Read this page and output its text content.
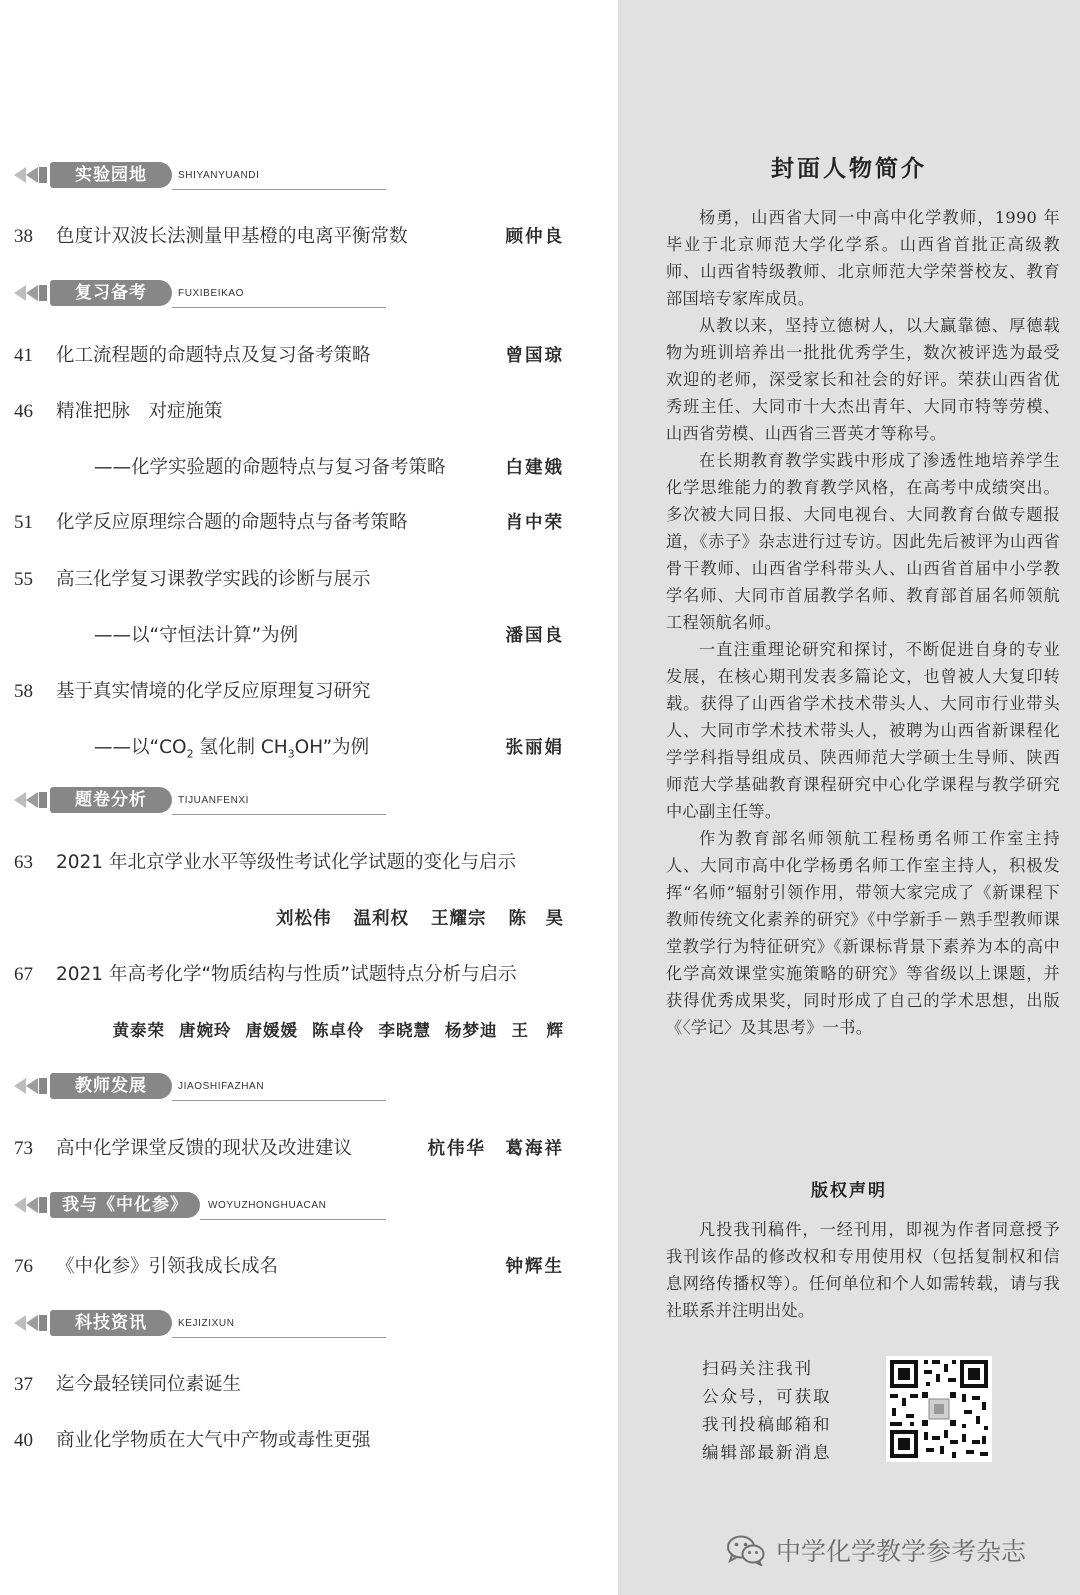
实验园地	SHIYANYUANDI
38 色度计双波长法测量甲基橙的电离平衡常数	顾仲良
复习备考	FUXIBEIKAO
41 化工流程题的命题特点及复习备考策略	曾国琼
46 精准把脉　对症施策
——化学实验题的命题特点与复习备考策略	白建娥
51 化学反应原理综合题的命题特点与备考策略	肖中荣
55 高三化学复习课教学实践的诊断与展示
——以“守恒法计算”为例	潘国良
58 基于真实情境的化学反应原理复习研究
——以“$CO_2$ 氢化制 $CH_3OH$”为例	张丽娟
题卷分析	TIJUANFENXI
63 2021 年北京学业水平等级性考试化学试题的变化与启示
刘松伟 温利权 王耀宗 陈　昊
67 2021 年高考化学“物质结构与性质”试题特点分析与启示
黄泰荣 唐婉玲 唐媛媛 陈卓伶 李晓慧 杨梦迪 王　辉
教师发展	JIAOSHIFAZHAN
73 高中化学课堂反馈的现状及改进建议	杭伟华　葛海祥
我与《中化参》	WOYUZHONGHUACAN
76 《中化参》引领我成长成名	钟辉生
科技资讯	KEJIZIXUN
37 迄今最轻镁同位素诞生
40 商业化学物质在大气中产物或毒性更强
封面人物简介

杨勇，山西省大同一中高中化学教师，1990 年毕业于北京师范大学化学系。山西省首批正高级教师、山西省特级教师、北京师范大学荣誉校友、教育部国培专家库成员。

从教以来，坚持立德树人，以大赢靠德、厚德载物为班训培养出一批批优秀学生，数次被评选为最受欢迎的老师，深受家长和社会的好评。荣获山西省优秀班主任、大同市十大杰出青年、大同市特等劳模、山西省劳模、山西省三晋英才等称号。

在长期教育教学实践中形成了渗透性地培养学生化学思维能力的教育教学风格，在高考中成绩突出。多次被大同日报、大同电视台、大同教育台做专题报道，《赤子》杂志进行过专访。因此先后被评为山西省骨干教师、山西省学科带头人、山西省首届中小学教学名师、大同市首届教学名师、教育部首届名师领航工程领航名师。

一直注重理论研究和探讨，不断促进自身的专业发展，在核心期刊发表多篇论文，也曾被人大复印转载。获得了山西省学术技术带头人、大同市行业带头人、大同市学术技术带头人，被聘为山西省新课程化学学科指导组成员、陕西师范大学硕士生导师、陕西师范大学基础教育课程研究中心化学课程与教学研究中心副主任等。

作为教育部名师领航工程杨勇名师工作室主持人、大同市高中化学杨勇名师工作室主持人，积极发挥“名师”辐射引领作用，带领大家完成了《新课程下教师传统文化素养的研究》《中学新手－熟手型教师课堂教学行为特征研究》《新课标背景下素养为本的高中化学高效课堂实施策略的研究》等省级以上课题，并获得优秀成果奖，同时形成了自己的学术思想，出版《〈学记〉及其思考》一书。

版权声明

凡投我刊稿件，一经刊用，即视为作者同意授予我刊该作品的修改权和专用使用权（包括复制权和信息网络传播权等）。任何单位和个人如需转载，请与我社联系并注明出处。

扫码关注我刊
公众号，可获取
我刊投稿邮箱和
编辑部最新消息
中学化学教学参考杂志
